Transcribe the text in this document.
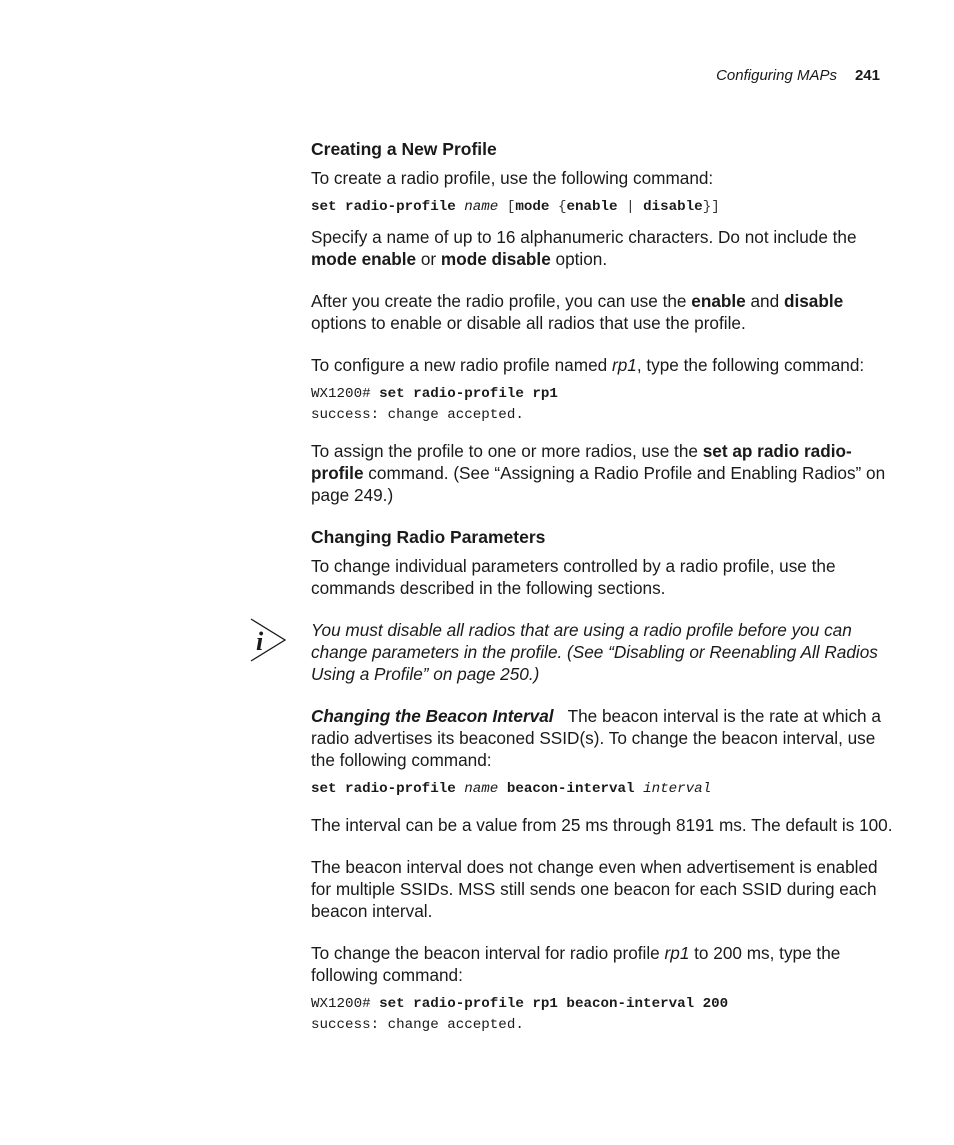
Configuring MAPs 241
Creating a New Profile

To create a radio profile, use the following command:

set radio-profile name [mode {enable | disable}]

Specify a name of up to 16 alphanumeric characters. Do not include the mode enable or mode disable option.

After you create the radio profile, you can use the enable and disable options to enable or disable all radios that use the profile.

To configure a new radio profile named rp1, type the following command:

WX1200# set radio-profile rp1
success: change accepted.

To assign the profile to one or more radios, use the set ap radio radio-profile command. (See “Assigning a Radio Profile and Enabling Radios” on page 249.)

Changing Radio Parameters

To change individual parameters controlled by a radio profile, use the commands described in the following sections.

i	You must disable all radios that are using a radio profile before you can change parameters in the profile. (See “Disabling or Reenabling All Radios Using a Profile” on page 250.)

Changing the Beacon Interval The beacon interval is the rate at which a radio advertises its beaconed SSID(s). To change the beacon interval, use the following command:

set radio-profile name beacon-interval interval

The interval can be a value from 25 ms through 8191 ms. The default is 100.

The beacon interval does not change even when advertisement is enabled for multiple SSIDs. MSS still sends one beacon for each SSID during each beacon interval.

To change the beacon interval for radio profile rp1 to 200 ms, type the following command:

WX1200# set radio-profile rp1 beacon-interval 200
success: change accepted.
